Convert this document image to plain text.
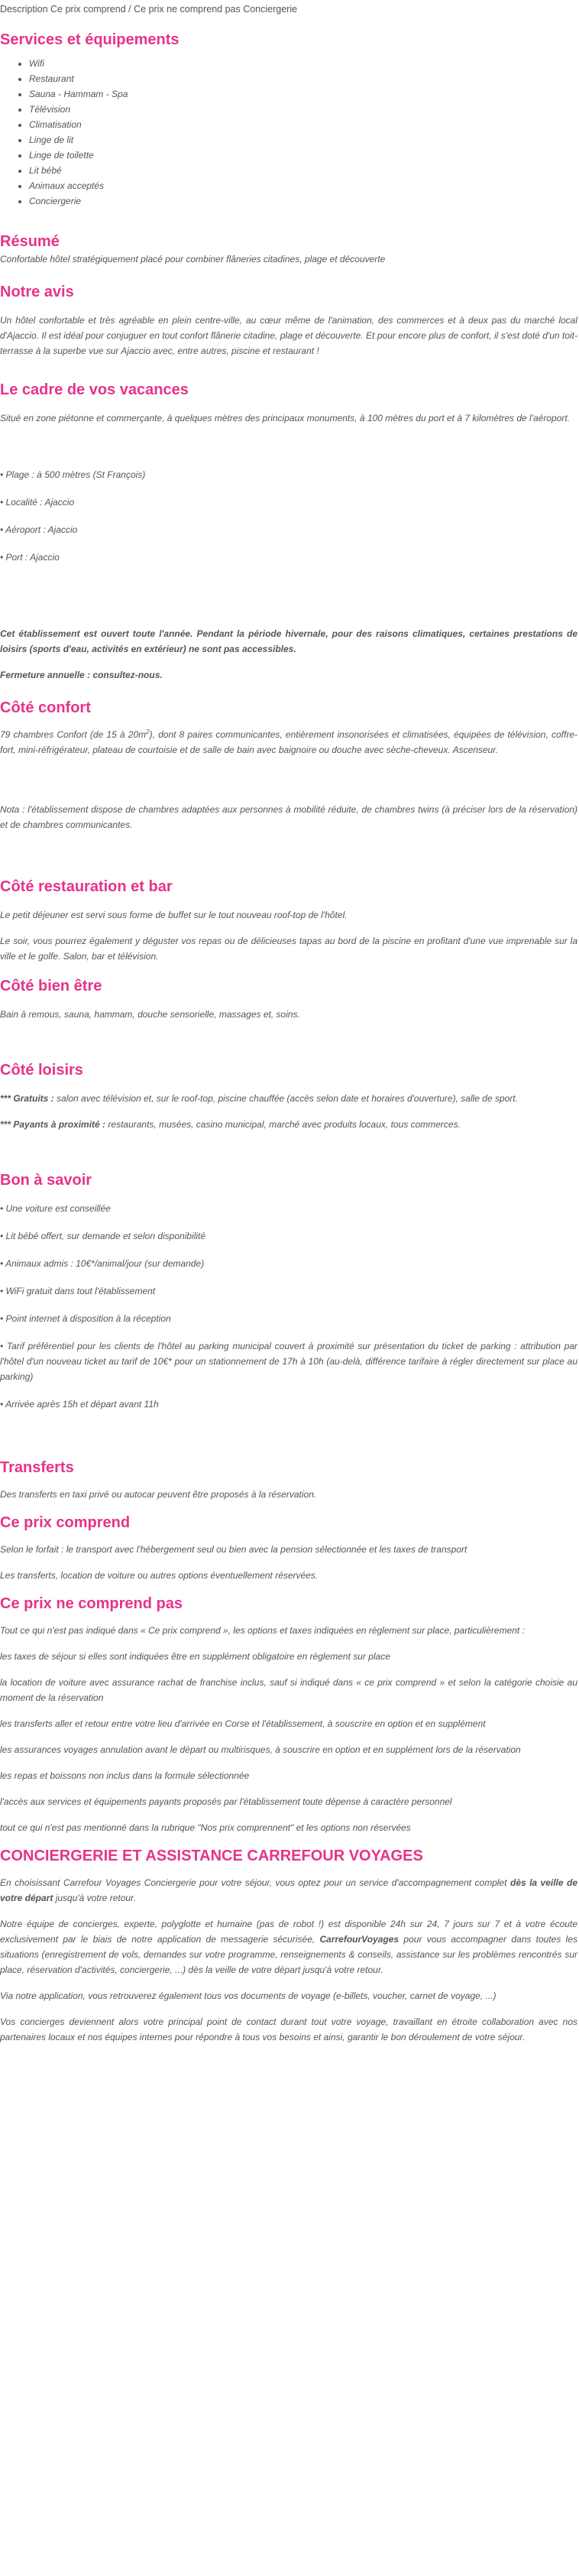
Description Ce prix comprend / Ce prix ne comprend pas Conciergerie

Services et équipements
• Wifi
• Restaurant
• Sauna - Hammam - Spa
• Télévision
• Climatisation
• Linge de lit
• Linge de toilette
• Lit bébé
• Animaux acceptés
• Conciergerie
Résumé

Confortable hôtel stratégiquement placé pour combiner flâneries citadines, plage et découverte

Notre avis

Un hôtel confortable et très agréable en plein centre-ville, au cœur même de l'animation, des commerces et à deux pas du marché local d'Ajaccio. Il est idéal pour conjuguer en tout confort flânerie citadine, plage et découverte. Et pour encore plus de confort, il s'est doté d'un toit-terrasse à la superbe vue sur Ajaccio avec, entre autres, piscine et restaurant !

Le cadre de vos vacances

Situé en zone piétonne et commerçante, à quelques mètres des principaux monuments, à 100 mètres du port et à 7 kilomètres de l'aéroport.

• Plage : à 500 mètres (St François)

• Localité : Ajaccio

• Aéroport : Ajaccio

• Port : Ajaccio

Cet établissement est ouvert toute l'année. Pendant la période hivernale, pour des raisons climatiques, certaines prestations de loisirs (sports d'eau, activités en extérieur) ne sont pas accessibles.

Fermeture annuelle : consultez-nous.

Côté confort

79 chambres Confort (de 15 à $20m^2$), dont 8 paires communicantes, entièrement insonorisées et climatisées, équipées de télévision, coffre-fort, mini-réfrigérateur, plateau de courtoisie et de salle de bain avec baignoire ou douche avec sèche-cheveux. Ascenseur.

Nota : l'établissement dispose de chambres adaptées aux personnes à mobilité réduite, de chambres twins (à préciser lors de la réservation) et de chambres communicantes.

Côté restauration et bar

Le petit déjeuner est servi sous forme de buffet sur le tout nouveau roof-top de l'hôtel.

Le soir, vous pourrez également y déguster vos repas ou de délicieuses tapas au bord de la piscine en profitant d'une vue imprenable sur la ville et le golfe. Salon, bar et télévision.

Côté bien être

Bain à remous, sauna, hammam, douche sensorielle, massages et, soins.

Côté loisirs

*** Gratuits : salon avec télévision et, sur le roof-top, piscine chauffée (accès selon date et horaires d'ouverture), salle de sport.

*** Payants à proximité : restaurants, musées, casino municipal, marché avec produits locaux, tous commerces.

Bon à savoir

• Une voiture est conseillée

• Lit bébé offert, sur demande et selon disponibilité

• Animaux admis : 10€*/animal/jour (sur demande)

• WiFi gratuit dans tout l'établissement

• Point internet à disposition à la réception

• Tarif préférentiel pour les clients de l'hôtel au parking municipal couvert à proximité sur présentation du ticket de parking : attribution par l'hôtel d'un nouveau ticket au tarif de 10€* pour un stationnement de 17h à 10h (au-delà, différence tarifaire à régler directement sur place au parking)

• Arrivée après 15h et départ avant 11h

Transferts

Des transferts en taxi privé ou autocar peuvent être proposés à la réservation.

Ce prix comprend

Selon le forfait : le transport avec l'hébergement seul ou bien avec la pension sélectionnée et les taxes de transport

Les transferts, location de voiture ou autres options éventuellement réservées.

Ce prix ne comprend pas

Tout ce qui n'est pas indiqué dans « Ce prix comprend », les options et taxes indiquées en règlement sur place, particulièrement :

les taxes de séjour si elles sont indiquées être en supplément obligatoire en règlement sur place

la location de voiture avec assurance rachat de franchise inclus, sauf si indiqué dans « ce prix comprend » et selon la catégorie choisie au moment de la réservation

les transferts aller et retour entre votre lieu d'arrivée en Corse et l'établissement, à souscrire en option et en supplément

les assurances voyages annulation avant le départ ou multirisques, à souscrire en option et en supplément lors de la réservation

les repas et boissons non inclus dans la formule sélectionnée

l'accès aux services et équipements payants proposés par l'établissement toute dépense à caractère personnel

tout ce qui n'est pas mentionné dans la rubrique "Nos prix comprennent" et les options non réservées

CONCIERGERIE ET ASSISTANCE CARREFOUR VOYAGES

En choisissant Carrefour Voyages Conciergerie pour votre séjour, vous optez pour un service d'accompagnement complet dès la veille de votre départ jusqu'à votre retour.

Notre équipe de concierges, experte, polyglotte et humaine (pas de robot !) est disponible 24h sur 24, 7 jours sur 7 et à votre écoute exclusivement par le biais de notre application de messagerie sécurisée, CarrefourVoyages pour vous accompagner dans toutes les situations (enregistrement de vols, demandes sur votre programme, renseignements & conseils, assistance sur les problèmes rencontrés sur place, réservation d'activités, conciergerie, ...) dès la veille de votre départ jusqu'à votre retour.

Via notre application, vous retrouverez également tous vos documents de voyage (e-billets, voucher, carnet de voyage, ...)

Vos concierges deviennent alors votre principal point de contact durant tout votre voyage, travaillant en étroite collaboration avec nos partenaires locaux et nos équipes internes pour répondre à tous vos besoins et ainsi, garantir le bon déroulement de votre séjour.
